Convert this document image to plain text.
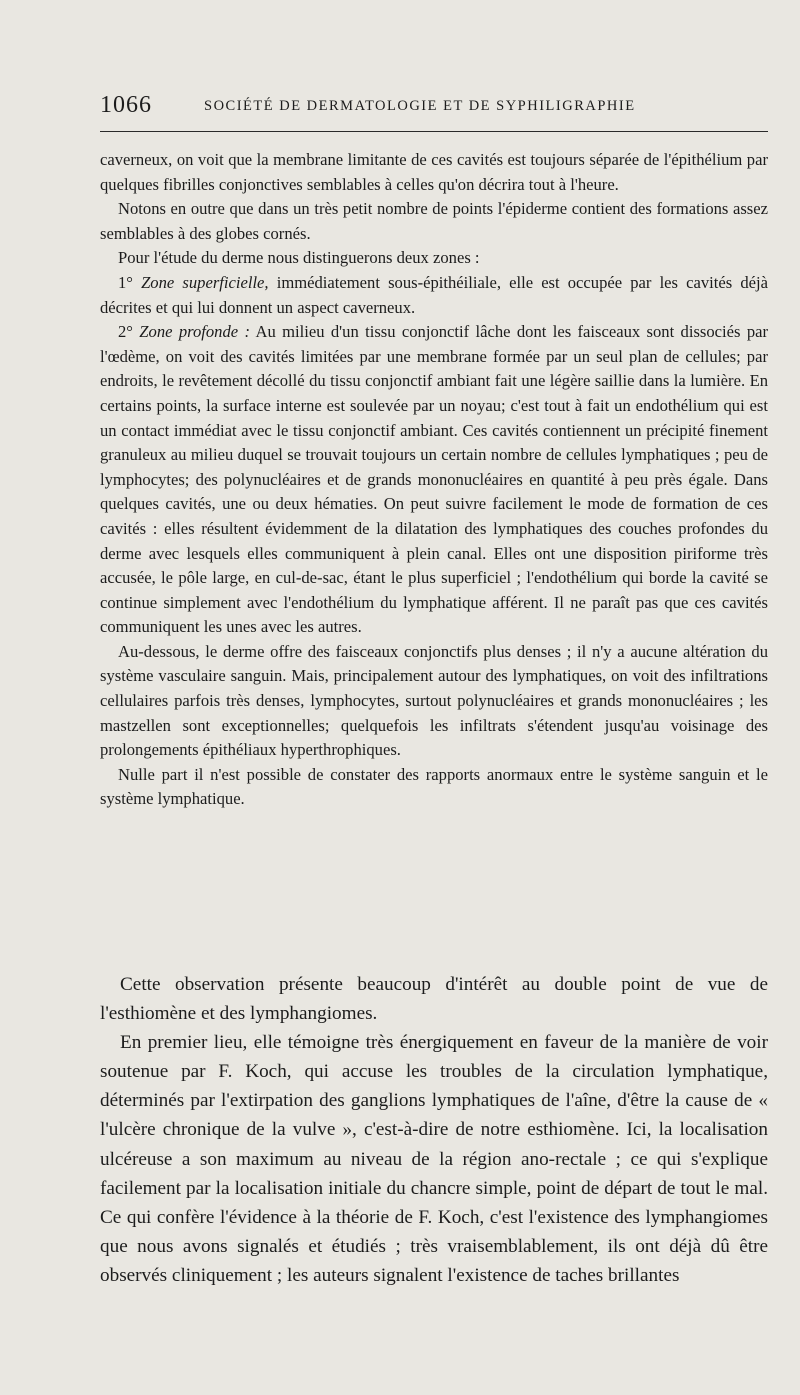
1066	SOCIÉTÉ DE DERMATOLOGIE ET DE SYPHILIGRAPHIE

caverneux, on voit que la membrane limitante de ces cavités est toujours séparée de l'épithélium par quelques fibrilles conjonctives semblables à celles qu'on décrira tout à l'heure.

Notons en outre que dans un très petit nombre de points l'épiderme contient des formations assez semblables à des globes cornés.

Pour l'étude du derme nous distinguerons deux zones :

1° Zone superficielle, immédiatement sous-épithéiliale, elle est occupée par les cavités déjà décrites et qui lui donnent un aspect caverneux.

2° Zone profonde : Au milieu d'un tissu conjonctif lâche dont les faisceaux sont dissociés par l'œdème, on voit des cavités limitées par une membrane formée par un seul plan de cellules; par endroits, le revêtement décollé du tissu conjonctif ambiant fait une légère saillie dans la lumière. En certains points, la surface interne est soulevée par un noyau; c'est tout à fait un endothélium qui est un contact immédiat avec le tissu conjonctif ambiant. Ces cavités contiennent un précipité finement granuleux au milieu duquel se trouvait toujours un certain nombre de cellules lymphatiques ; peu de lymphocytes; des polynucléaires et de grands mononucléaires en quantité à peu près égale. Dans quelques cavités, une ou deux hématies. On peut suivre facilement le mode de formation de ces cavités : elles résultent évidemment de la dilatation des lymphatiques des couches profondes du derme avec lesquels elles communiquent à plein canal. Elles ont une disposition piriforme très accusée, le pôle large, en cul-de-sac, étant le plus superficiel ; l'endothélium qui borde la cavité se continue simplement avec l'endothélium du lymphatique afférent. Il ne paraît pas que ces cavités communiquent les unes avec les autres.

Au-dessous, le derme offre des faisceaux conjonctifs plus denses ; il n'y a aucune altération du système vasculaire sanguin. Mais, principalement autour des lymphatiques, on voit des infiltrations cellulaires parfois très denses, lymphocytes, surtout polynucléaires et grands mononucléaires ; les mastzellen sont exceptionnelles; quelquefois les infiltrats s'étendent jusqu'au voisinage des prolongements épithéliaux hyperthrophiques.

Nulle part il n'est possible de constater des rapports anormaux entre le système sanguin et le système lymphatique.

Cette observation présente beaucoup d'intérêt au double point de vue de l'esthiomène et des lymphangiomes.

En premier lieu, elle témoigne très énergiquement en faveur de la manière de voir soutenue par F. Koch, qui accuse les troubles de la circulation lymphatique, déterminés par l'extirpation des ganglions lymphatiques de l'aîne, d'être la cause de « l'ulcère chronique de la vulve », c'est-à-dire de notre esthiomène. Ici, la localisation ulcéreuse a son maximum au niveau de la région ano-rectale ; ce qui s'explique facilement par la localisation initiale du chancre simple, point de départ de tout le mal. Ce qui confère l'évidence à la théorie de F. Koch, c'est l'existence des lymphangiomes que nous avons signalés et étudiés ; très vraisemblablement, ils ont déjà dû être observés cliniquement ; les auteurs signalent l'existence de taches brillantes
